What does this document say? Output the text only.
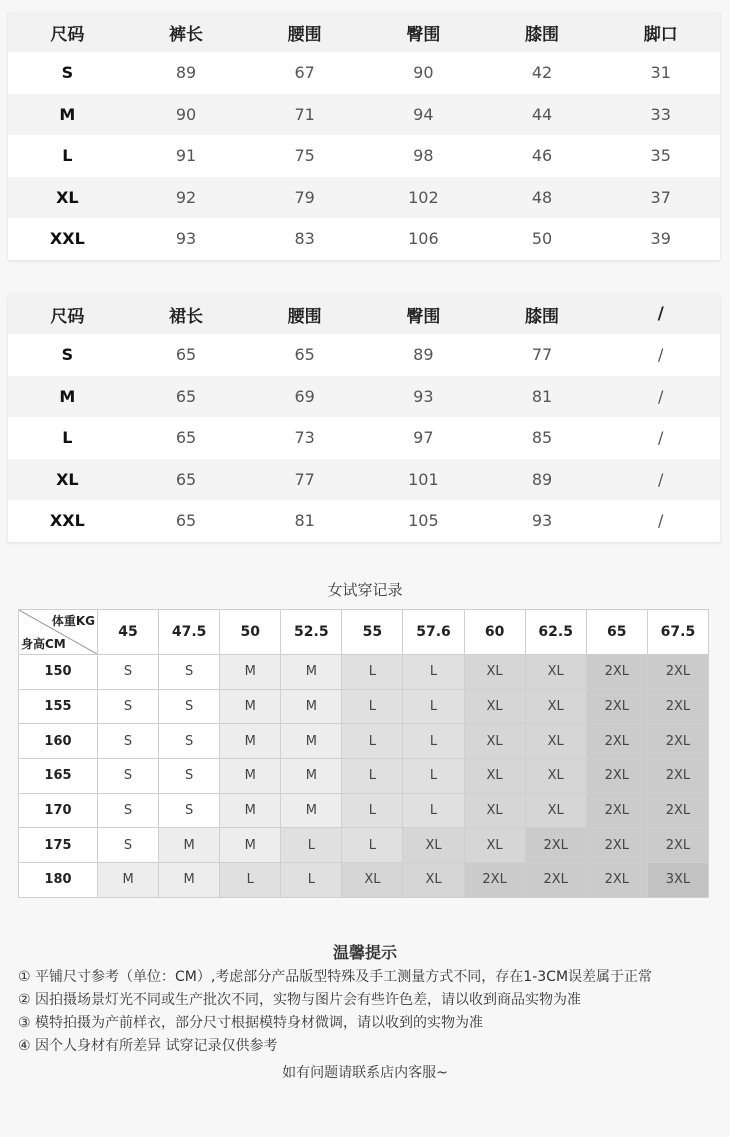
尺码	裤长	腰围	臀围	膝围	脚口
S	89	67	90	42	31
M	90	71	94	44	33
L	91	75	98	46	35
XL	92	79	102	48	37
XXL	93	83	106	50	39
尺码	裙长	腰围	臀围	膝围	/
S	65	65	89	77	/
M	65	69	93	81	/
L	65	73	97	85	/
XL	65	77	101	89	/
XXL	65	81	105	93	/
女试穿记录
体重KG
身高CM	45	47.5	50	52.5	55	57.6	60	62.5	65	67.5
150	S	S	M	M	L	L	XL	XL	2XL	2XL
155	S	S	M	M	L	L	XL	XL	2XL	2XL
160	S	S	M	M	L	L	XL	XL	2XL	2XL
165	S	S	M	M	L	L	XL	XL	2XL	2XL
170	S	S	M	M	L	L	XL	XL	2XL	2XL
175	S	M	M	L	L	XL	XL	2XL	2XL	2XL
180	M	M	L	L	XL	XL	2XL	2XL	2XL	3XL
温馨提示
① 平铺尺寸参考（单位：CM）,考虑部分产品版型特殊及手工测量方式不同，存在1-3CM误差属于正常
② 因拍摄场景灯光不同或生产批次不同，实物与图片会有些许色差，请以收到商品实物为准
③ 模特拍摄为产前样衣，部分尺寸根据模特身材微调，请以收到的实物为准
④ 因个人身材有所差异 试穿记录仅供参考
如有问题请联系店内客服~
